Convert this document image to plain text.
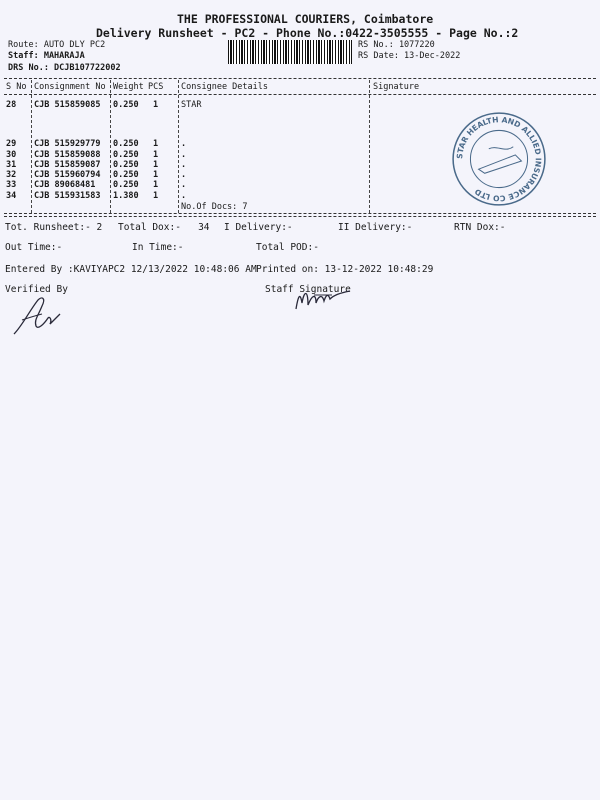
THE PROFESSIONAL COURIERS, Coimbatore
Delivery Runsheet - PC2 - Phone No.:0422-3505555 - Page No.:2
Route: AUTO DLY PC2
Staff: MAHARAJA
DRS No.: DCJB107722002
RS No.: 1077220
RS Date: 13-Dec-2022
S No Consignment No Weight PCS Consignee Details	Signature
28 CJB 515859085 0.250 1	STAR
29 CJB 515929779 0.250 1	.
30 CJB 515859088 0.250 1	.
31 CJB 515859087 0.250 1	.
32 CJB 515960794 0.250 1	.
33 CJB 89068481 0.250 1	.
34 CJB 515931583 1.380 1	.
No.Of Docs: 7
Tot. Runsheet:- 2 Total Dox:-   34 I Delivery:-	II Delivery:-	RTN Dox:-
Out Time:-	In Time:-	Total POD:-
Entered By :KAVIYAPC2 12/13/2022 10:48:06 AM Printed on: 13-12-2022 10:48:29
Verified By	Staff Signature
STAR HEALTH AND ALLIED INSURANCE CO LTD
